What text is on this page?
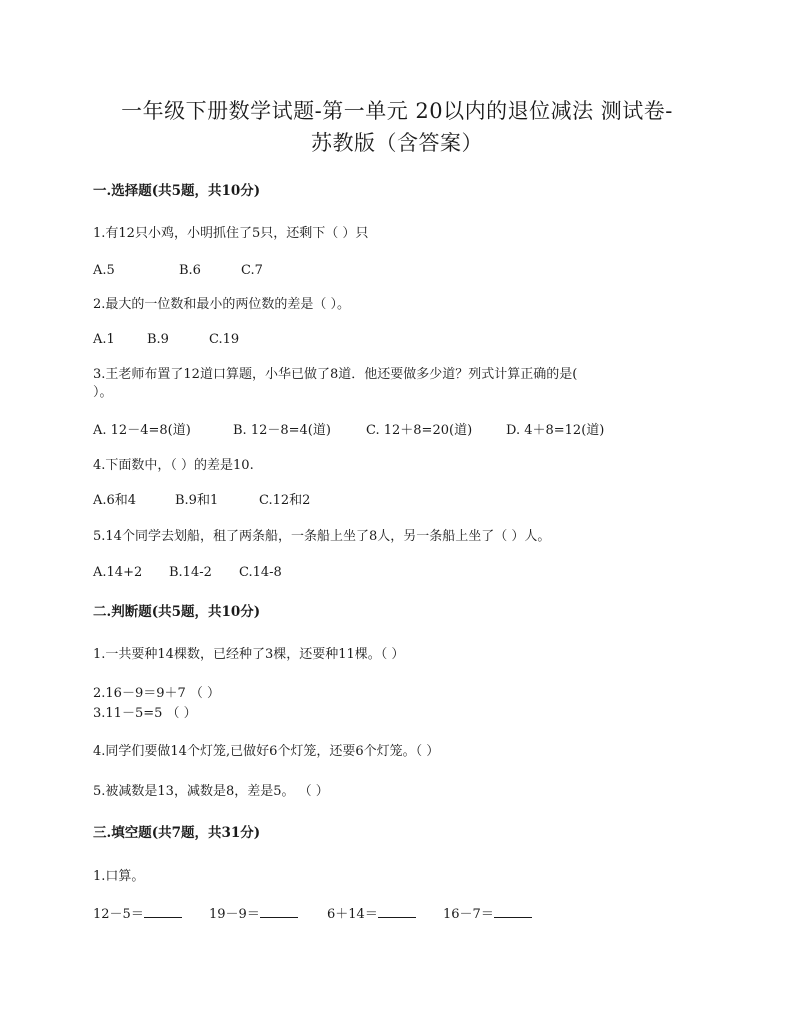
一年级下册数学试题-第一单元 20以内的退位减法 测试卷-
苏教版（含答案）
一.选择题(共5题，共10分)
1.有12只小鸡，小明抓住了5只，还剩下（ ）只
A.5	B.6	C.7
2.最大的一位数和最小的两位数的差是（ ）。
A.1 B.9	C.19
3.王老师布置了12道口算题，小华已做了8道．他还要做多少道？列式计算正确的是(
）。
A. 12－4=8(道)	B. 12－8=4(道)	C. 12＋8=20(道)	D. 4＋8=12(道)
4.下面数中，（ ）的差是10.
A.6和4	B.9和1	C.12和2
5.14个同学去划船，租了两条船，一条船上坐了8人，另一条船上坐了（ ）人。
A.14+2 B.14-2 C.14-8
二.判断题(共5题，共10分)
1.一共要种14棵数，已经种了3棵，还要种11棵。（ ）
2.16－9＝9＋7 （ ）
3.11－5=5 （ ）
4.同学们要做14个灯笼,已做好6个灯笼，还要6个灯笼。（ ）
5.被减数是13，减数是8，差是5。 （ ）
三.填空题(共7题，共31分)
1.口算。
12－5＝	19－9＝	6＋14＝	16－7＝
